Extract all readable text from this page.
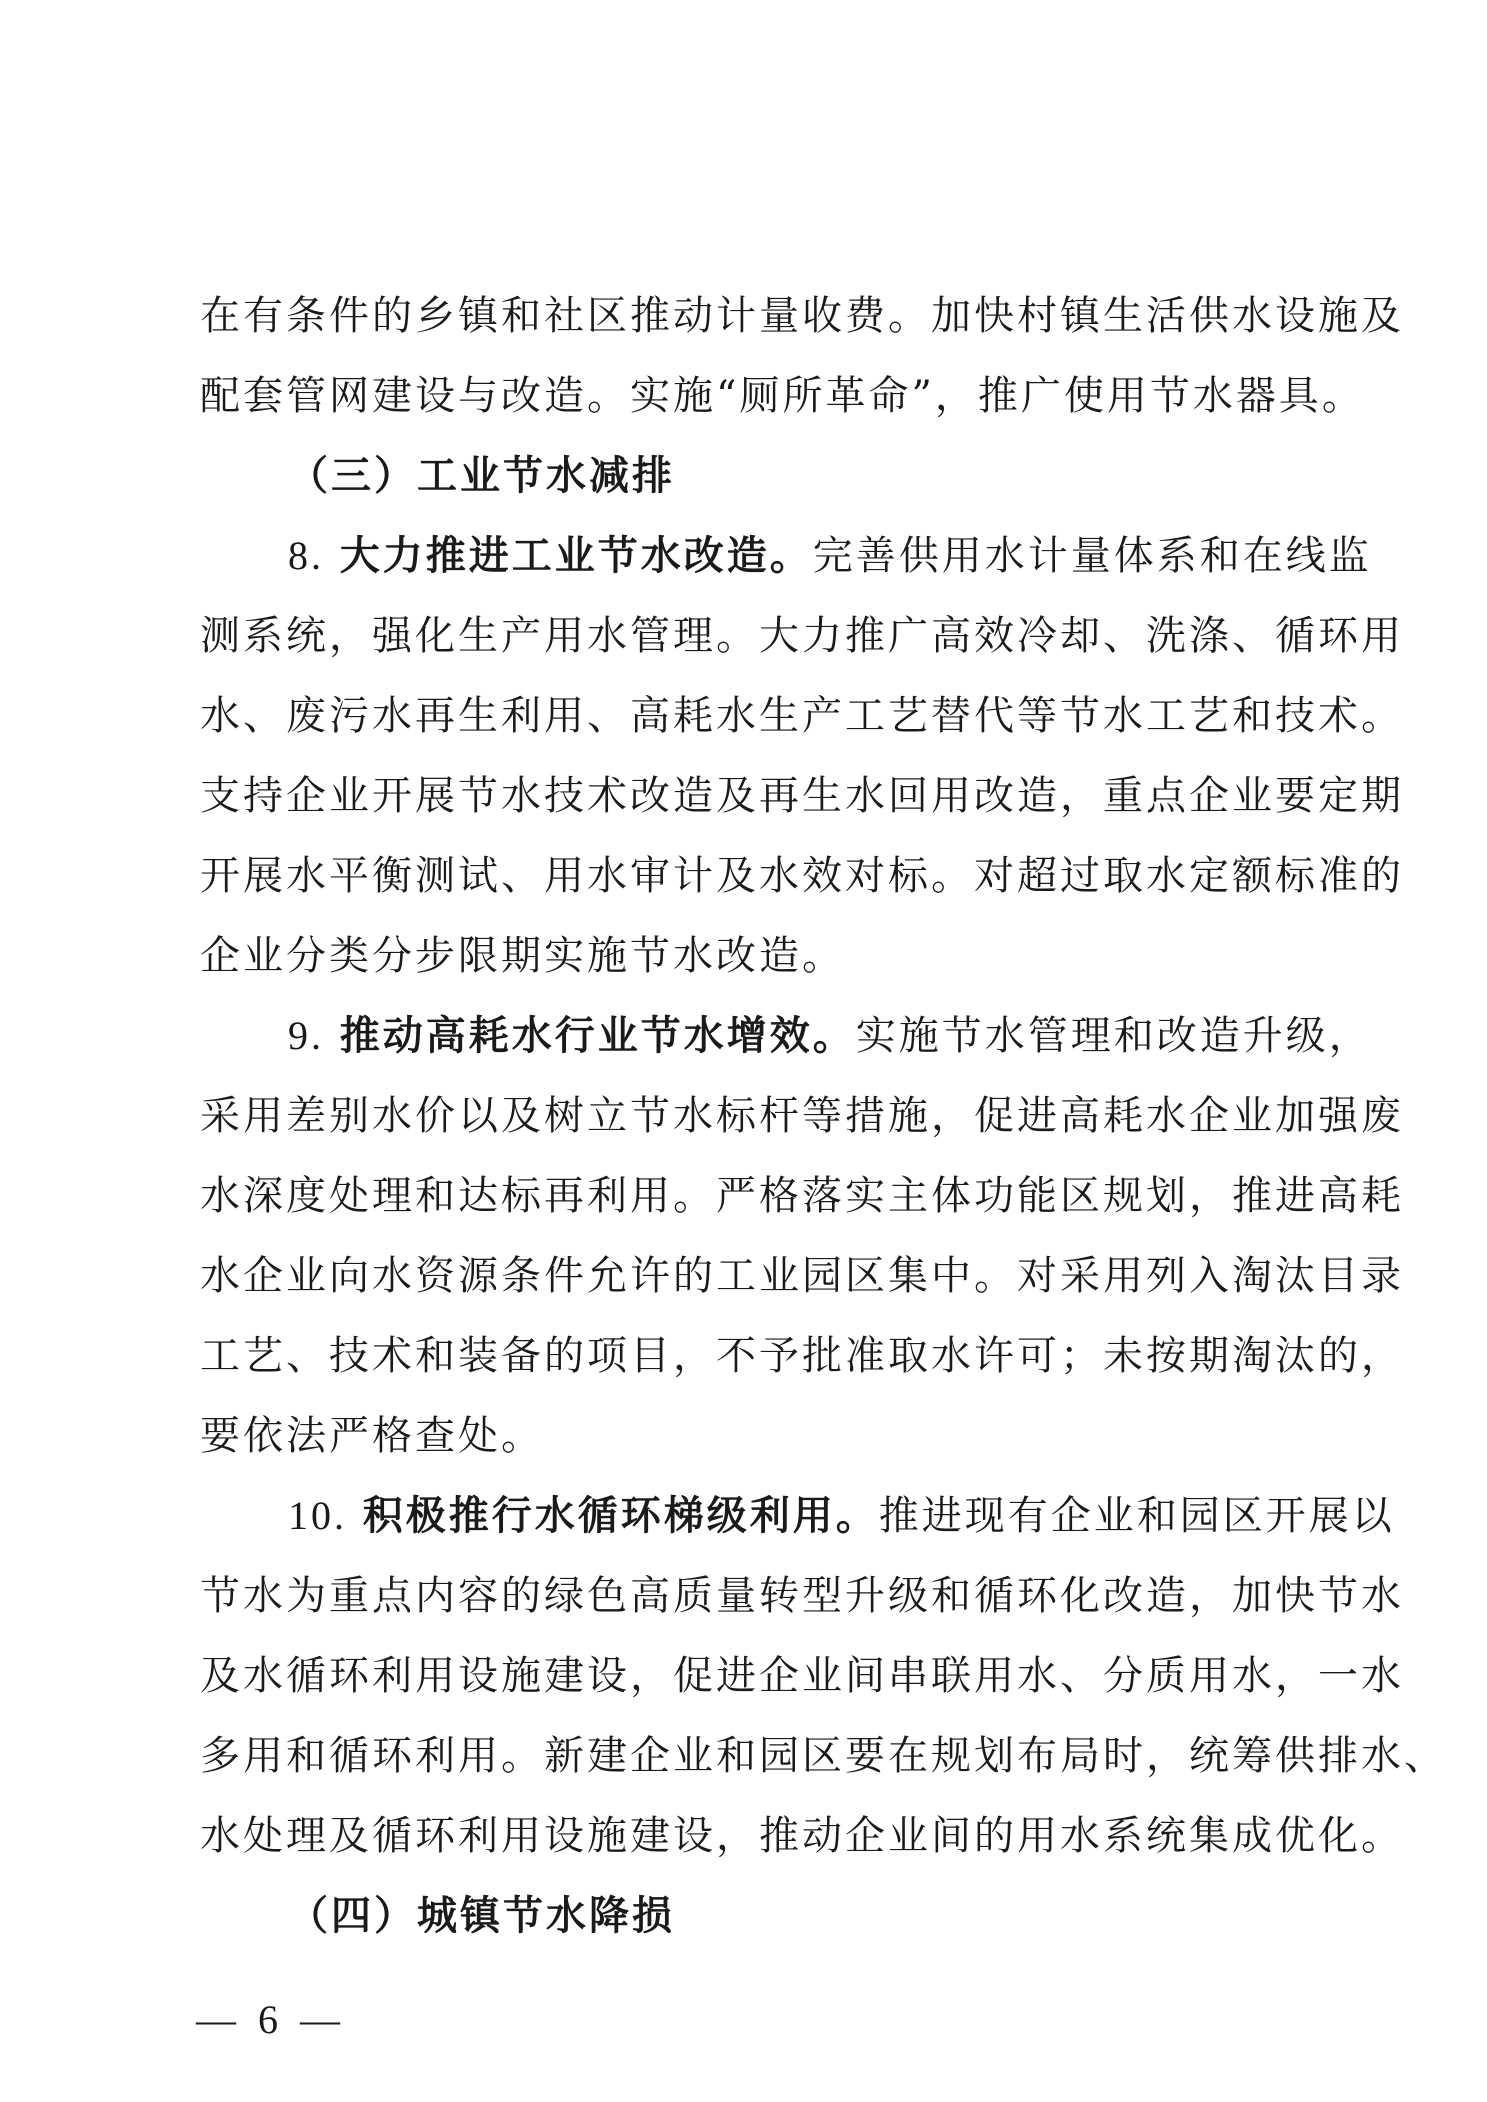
在有条件的乡镇和社区推动计量收费。加快村镇生活供水设施及
配套管网建设与改造。实施“厕所革命”，推广使用节水器具。
（三）工业节水减排
8. 大力推进工业节水改造。完善供用水计量体系和在线监
测系统，强化生产用水管理。大力推广高效冷却、洗涤、循环用
水、废污水再生利用、高耗水生产工艺替代等节水工艺和技术。
支持企业开展节水技术改造及再生水回用改造，重点企业要定期
开展水平衡测试、用水审计及水效对标。对超过取水定额标准的
企业分类分步限期实施节水改造。
9. 推动高耗水行业节水增效。实施节水管理和改造升级，
采用差别水价以及树立节水标杆等措施，促进高耗水企业加强废
水深度处理和达标再利用。严格落实主体功能区规划，推进高耗
水企业向水资源条件允许的工业园区集中。对采用列入淘汰目录
工艺、技术和装备的项目，不予批准取水许可；未按期淘汰的，
要依法严格查处。
10. 积极推行水循环梯级利用。推进现有企业和园区开展以
节水为重点内容的绿色高质量转型升级和循环化改造，加快节水
及水循环利用设施建设，促进企业间串联用水、分质用水，一水
多用和循环利用。新建企业和园区要在规划布局时，统筹供排水、
水处理及循环利用设施建设，推动企业间的用水系统集成优化。
（四）城镇节水降损
— 6 —
